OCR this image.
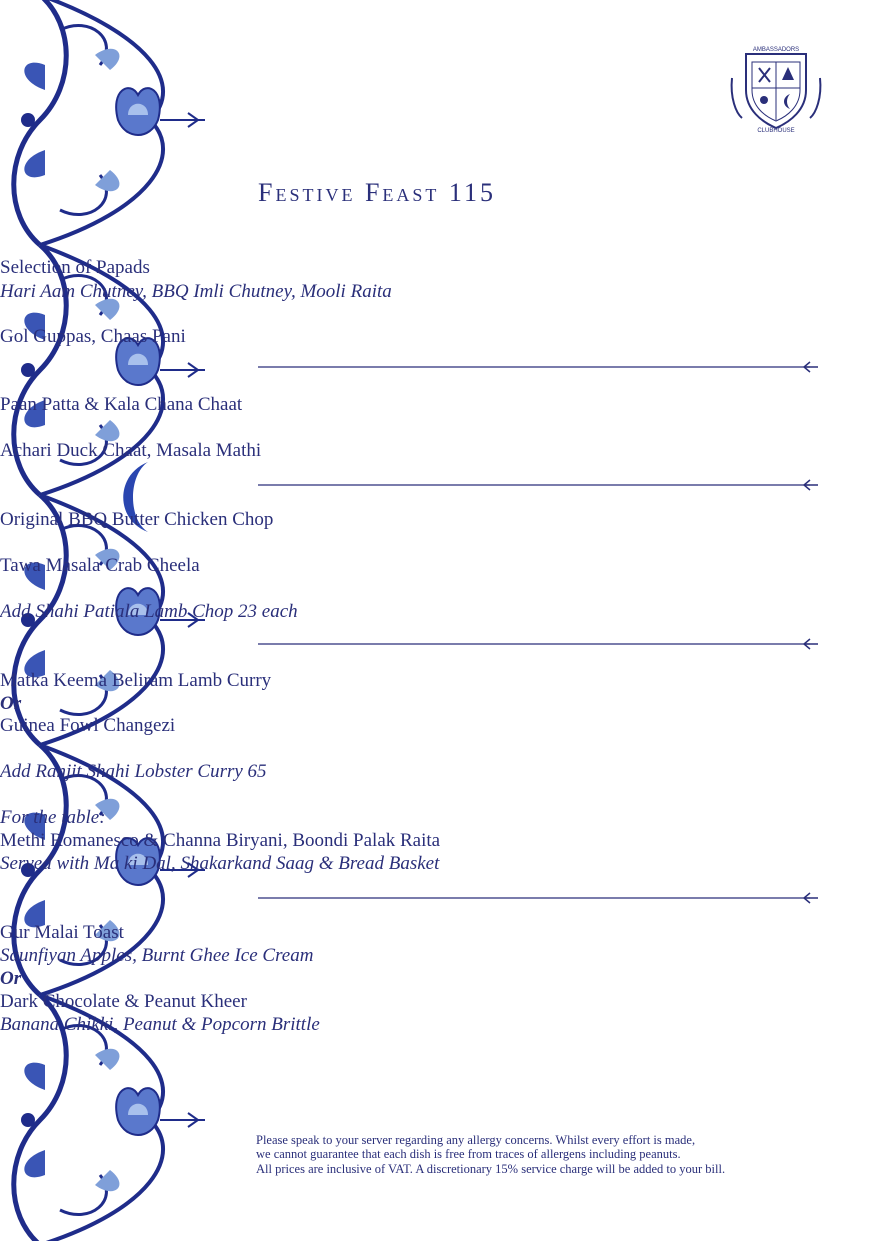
AMBASSADORS
CLUBHOUSE
Festive Feast 115
Selection of Papads
Hari Aam Chutney, BBQ Imli Chutney, Mooli Raita
Gol Guppas, Chaas Pani
Paan Patta & Kala Chana Chaat
Achari Duck Chaat, Masala Mathi
Original BBQ Butter Chicken Chop
Tawa Masala Crab Cheela
Add Shahi Patiala Lamb Chop 23 each
Matka Keema Beliram Lamb Curry
Or
Guinea Fowl Changezi
Add Ranjit Shahi Lobster Curry 65
For the table:
Methi Romanesco & Channa Biryani, Boondi Palak Raita
Served with Ma ki Dal, Shakarkand Saag & Bread Basket
Gur Malai Toast
Saunfiyan Apples, Burnt Ghee Ice Cream
Or
Dark Chocolate & Peanut Kheer
Banana Chikki, Peanut & Popcorn Brittle
Please speak to your server regarding any allergy concerns. Whilst every effort is made,
we cannot guarantee that each dish is free from traces of allergens including peanuts.
All prices are inclusive of VAT. A discretionary 15% service charge will be added to your bill.
